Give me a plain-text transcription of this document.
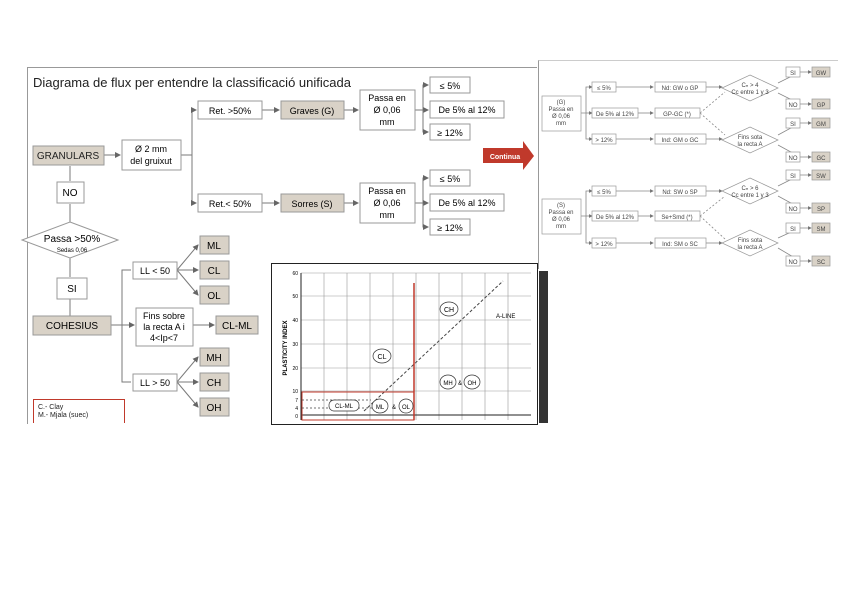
Diagrama de flux per entendre la classificació unificada
GRANULARS
Ø 2 mm
del gruixut
Ret. >50%	Graves (G)
Ret.< 50%	Sorres (S)
Passa en
Ø 0,06
mm
Passa en
Ø 0,06
mm
≤ 5%
De 5% al 12%
≥ 12%
≤ 5%
De 5% al 12%
≥ 12%
NO
Passa >50%
Sedas 0,06
SI
COHESIUS
LL < 50
LL > 50
Fins sobre
la recta A i
4<Ip<7
ML
CL
OL
CL-ML
MH
CH
OH
Continua
C.- Clay
M.- Mjala (suec)
PLASTICITY INDEX
60
50
40
30
20
10
7
4
0
CH
A-LINE
CL
MH & OH
CL-ML	ML & OL
(G)
Passa en
Ø 0,06
mm
≤ 5%
De 5% al 12%
> 12%
Nd: GW o GP
GP-GC (*)
Ind: GM o GC
Cₙ > 4
Cc entre 1 y 3
Fins sota
la recta A
SI	GW
NO	GP
SI	GM
NO	GC
(S)
Passa en
Ø 0,06
mm
≤ 5%
De 5% al 12%
> 12%
Nd: SW o SP
Se+Smd (*)
Ind: SM o SC
Cₙ > 6
Cc entre 1 y 3
Fins sota
la recta A
SI	SW
NO	SP
SI	SM
NO	SC
